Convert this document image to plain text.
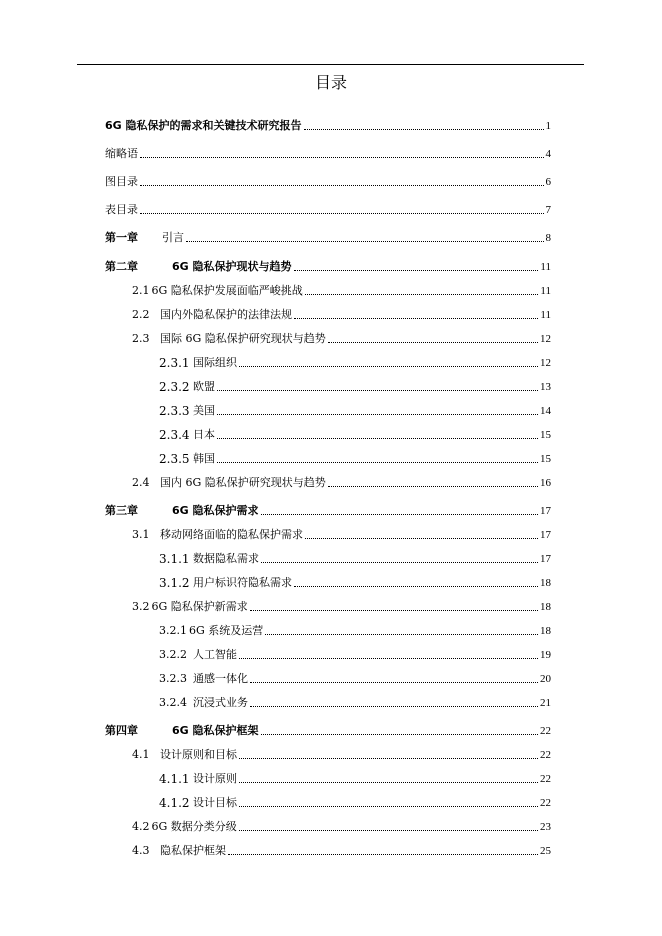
目录
6G 隐私保护的需求和关键技术研究报告	1
缩略语	4
图目录	6
表目录	7
第一章	引言	8
第二章	6G 隐私保护现状与趋势	11
2.1 6G 隐私保护发展面临严峻挑战	11
2.2 国内外隐私保护的法律法规	11
2.3 国际 6G 隐私保护研究现状与趋势	12
2.3.1 国际组织	12
2.3.2 欧盟	13
2.3.3 美国	14
2.3.4 日本	15
2.3.5 韩国	15
2.4 国内 6G 隐私保护研究现状与趋势	16
第三章	6G 隐私保护需求	17
3.1 移动网络面临的隐私保护需求	17
3.1.1 数据隐私需求	17
3.1.2 用户标识符隐私需求	18
3.2 6G 隐私保护新需求	18
3.2.1 6G 系统及运营	18
3.2.2 人工智能	19
3.2.3 通感一体化	20
3.2.4 沉浸式业务	21
第四章	6G 隐私保护框架	22
4.1 设计原则和目标	22
4.1.1 设计原则	22
4.1.2 设计目标	22
4.2 6G 数据分类分级	23
4.3 隐私保护框架	25
